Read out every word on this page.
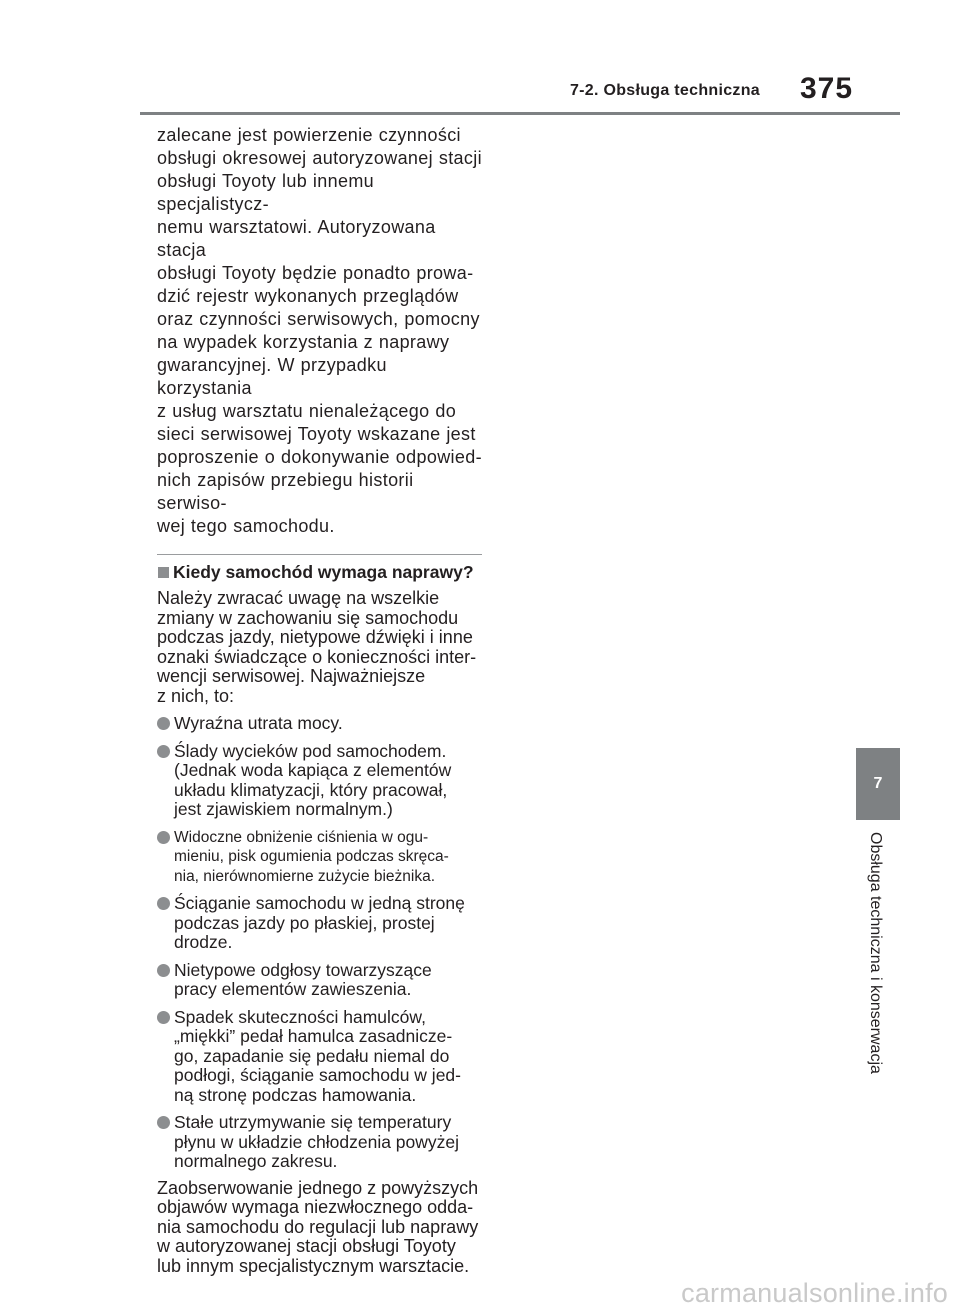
7-2. Obsługa techniczna 375

zalecane jest powierzenie czynności
obsługi okresowej autoryzowanej stacji
obsługi Toyoty lub innemu specjalistycz-
nemu warsztatowi. Autoryzowana stacja
obsługi Toyoty będzie ponadto prowa-
dzić rejestr wykonanych przeglądów
oraz czynności serwisowych, pomocny
na wypadek korzystania z naprawy
gwarancyjnej. W przypadku korzystania
z usług warsztatu nienależącego do
sieci serwisowej Toyoty wskazane jest
poproszenie o dokonywanie odpowied-
nich zapisów przebiegu historii serwiso-
wej tego samochodu.

Kiedy samochód wymaga naprawy?

Należy zwracać uwagę na wszelkie
zmiany w zachowaniu się samochodu
podczas jazdy, nietypowe dźwięki i inne
oznaki świadczące o konieczności inter-
wencji serwisowej. Najważniejsze
z nich, to:

Wyraźna utrata mocy.
Ślady wycieków pod samochodem.
(Jednak woda kapiąca z elementów
układu klimatyzacji, który pracował,
jest zjawiskiem normalnym.)
Widoczne obniżenie ciśnienia w ogu-
mieniu, pisk ogumienia podczas skręca-
nia, nierównomierne zużycie bieżnika.
Ściąganie samochodu w jedną stronę
podczas jazdy po płaskiej, prostej
drodze.
Nietypowe odgłosy towarzyszące
pracy elementów zawieszenia.
Spadek skuteczności hamulców,
„miękki” pedał hamulca zasadnicze-
go, zapadanie się pedału niemal do
podłogi, ściąganie samochodu w jed-
ną stronę podczas hamowania.
Stałe utrzymywanie się temperatury
płynu w układzie chłodzenia powyżej
normalnego zakresu.

Zaobserwowanie jednego z powyższych
objawów wymaga niezwłocznego odda-
nia samochodu do regulacji lub naprawy
w autoryzowanej stacji obsługi Toyoty
lub innym specjalistycznym warsztacie.

7
Obsługa techniczna i konserwacja
carmanualsonline.info
